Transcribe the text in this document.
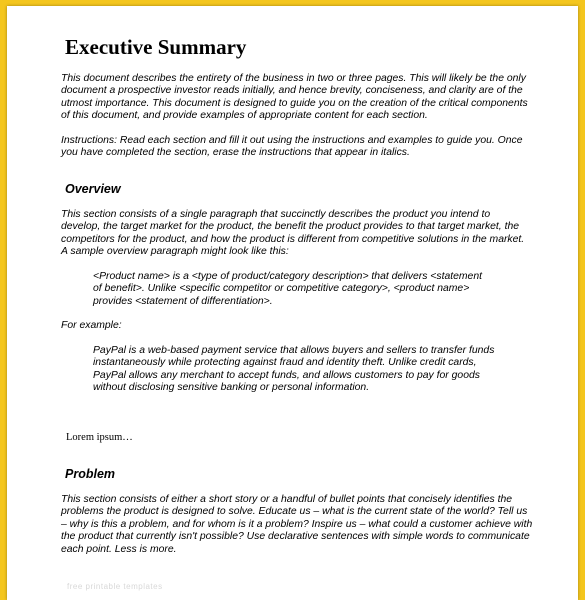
Executive Summary

This document describes the entirety of the business in two or three pages. This will likely be the only document a prospective investor reads initially, and hence brevity, conciseness, and clarity are of the utmost importance. This document is designed to guide you on the creation of the critical components of this document, and provide examples of appropriate content for each section.

Instructions: Read each section and fill it out using the instructions and examples to guide you. Once you have completed the section, erase the instructions that appear in italics.

Overview

This section consists of a single paragraph that succinctly describes the product you intend to develop, the target market for the product, the benefit the product provides to that target market, the competitors for the product, and how the product is different from competitive solutions in the market. A sample overview paragraph might look like this:

<Product name> is a <type of product/category description> that delivers <statement of benefit>. Unlike <specific competitor or competitive category>, <product name> provides <statement of differentiation>.

For example:

PayPal is a web-based payment service that allows buyers and sellers to transfer funds instantaneously while protecting against fraud and identity theft. Unlike credit cards, PayPal allows any merchant to accept funds, and allows customers to pay for goods without disclosing sensitive banking or personal information.

Lorem ipsum…
Problem

This section consists of either a short story or a handful of bullet points that concisely identifies the problems the product is designed to solve. Educate us – what is the current state of the world? Tell us – why is this a problem, and for whom is it a problem? Inspire us – what could a customer achieve with the product that currently isn't possible? Use declarative sentences with simple words to communicate each point. Less is more.

free printable templates
